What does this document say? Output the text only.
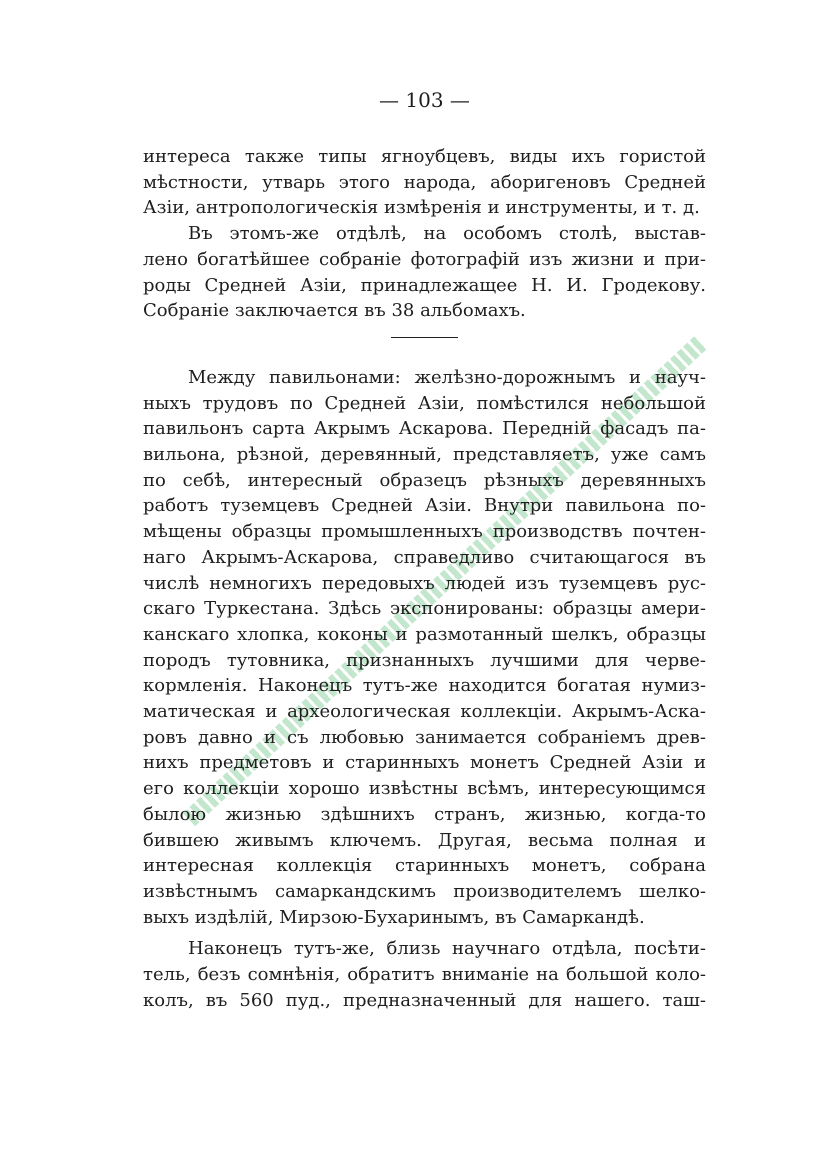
— 103 —
интереса также типы ягноубцевъ, виды ихъ гористой
мѣстности, утварь этого народа, аборигеновъ Средней
Азіи, антропологическія измѣренія и инструменты, и т. д.
Въ этомъ-же отдѣлѣ, на особомъ столѣ, выстав-
лено богатѣйшее собраніе фотографій изъ жизни и при-
роды Средней Азіи, принадлежащее Н. И. Гродекову.
Собраніе заключается въ 38 альбомахъ.
Между павильонами: желѣзно-дорожнымъ и науч-
ныхъ трудовъ по Средней Азіи, помѣстился небольшой
павильонъ сарта Акрымъ Аскарова. Передній фасадъ па-
вильона, рѣзной, деревянный, представляетъ, уже самъ
по себѣ, интересный образецъ рѣзныхъ деревянныхъ
работъ туземцевъ Средней Азіи. Внутри павильона по-
мѣщены образцы промышленныхъ производствъ почтен-
наго Акрымъ-Аскарова, справедливо считающагося въ
числѣ немногихъ передовыхъ людей изъ туземцевъ рус-
скаго Туркестана. Здѣсь экспонированы: образцы амери-
канскаго хлопка, коконы и размотанный шелкъ, образцы
породъ тутовника, признанныхъ лучшими для черве-
кормленія. Наконецъ тутъ-же находится богатая нумиз-
матическая и археологическая коллекціи. Акрымъ-Аска-
ровъ давно и съ любовью занимается собраніемъ древ-
нихъ предметовъ и старинныхъ монетъ Средней Азіи и
его коллекціи хорошо извѣстны всѣмъ, интересующимся
былою жизнью здѣшнихъ странъ, жизнью, когда-то
бившею живымъ ключемъ. Другая, весьма полная и
интересная коллекція старинныхъ монетъ, собрана
извѣстнымъ самаркандскимъ производителемъ шелко-
выхъ издѣлій, Мирзою-Бухаринымъ, въ Самаркандѣ.
Наконецъ тутъ-же, близь научнаго отдѣла, посѣти-
тель, безъ сомнѣнія, обратитъ вниманіе на большой коло-
колъ, въ 560 пуд., предназначенный для нашего. таш-
